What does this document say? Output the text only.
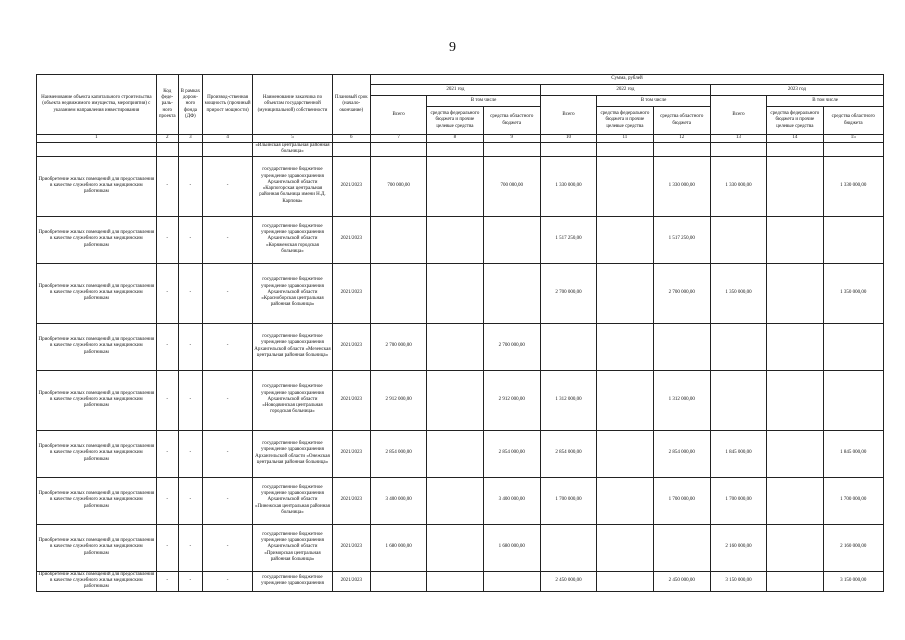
9
Наименование объекта капитального строительства (объекта недвижимого имущества, мероприятия) с указанием направления инвестирования	Код феде-раль-ного проекта	В рамках дорож-ного фонда (ДФ)	Производ-ственная мощность (прочиный прирост мощности)	Наименование заказчика по объектам государственной (муниципальной) собственности	Плановый срок (начало-окончание)	Сумма, рублей								
						2021 год			2022 год			2023 год		
						Всего	В том числе		Всего	В том числе		Всего	В том числе	
							средства федерального бюджета и прочие целевые средства	средства областного бюджета		средства федерального бюджета и прочие целевые средства	средства областного бюджета		средства федерального бюджета и прочие целевые средства	средства областного бюджета
1	2	3	4	5	6	7	8	9	10	11	12	13	14	15
				«Ильинская центральная районная больница»										
Приобретение жилых помещений для предоставления в качестве служебного жилья медицинским работникам	-	-	-	государственное бюджетное учреждение здравоохранения Архангельской области «Карпогорская центральная районная больница имени Н.Д. Карпова»	2021/2023	700 000,00		700 000,00	1 330 000,00		1 330 000,00	1 330 000,00		1 330 000,00
Приобретение жилых помещений для предоставления в качестве служебного жилья медицинским работникам	-	-	-	государственное бюджетное учреждение здравоохранения Архангельской области «Коряжемская городская больница»	2021/2023				1 517 250,00		1 517 250,00			
Приобретение жилых помещений для предоставления в качестве служебного жилья медицинским работникам	-	-	-	государственное бюджетное учреждение здравоохранения Архангельской области «Красноборская центральная районная больница»	2021/2023				2 700 000,00		2 700 000,00	1 350 000,00		1 350 000,00
Приобретение жилых помещений для предоставления в качестве служебного жилья медицинским работникам	-	-	-	государственное бюджетное учреждение здравоохранения Архангельской области «Мезенская центральная районная больница»	2021/2023	2 700 000,00		2 700 000,00						
Приобретение жилых помещений для предоставления в качестве служебного жилья медицинским работникам	-	-	-	государственное бюджетное учреждение здравоохранения Архангельской области «Новодвинская центральная городская больница»	2021/2023	2 912 000,00		2 912 000,00	1 312 000,00		1 312 000,00			
Приобретение жилых помещений для предоставления в качестве служебного жилья медицинским работникам	-	-	-	государственное бюджетное учреждение здравоохранения Архангельской области «Онежская центральная районная больница»	2021/2023	2 854 000,00		2 854 000,00	2 854 000,00		2 854 000,00	1 845 000,00		1 845 000,00
Приобретение жилых помещений для предоставления в качестве служебного жилья медицинским работникам	-	-	-	государственное бюджетное учреждение здравоохранения Архангельской области «Пинежская центральная районная больница»	2021/2023	3 400 000,00		3 400 000,00	1 700 000,00		1 700 000,00	1 700 000,00		1 700 000,00
Приобретение жилых помещений для предоставления в качестве служебного жилья медицинским работникам	-	-	-	государственное бюджетное учреждение здравоохранения Архангельской области «Приморская центральная районная больница»	2021/2023	1 680 000,00		1 680 000,00				2 160 000,00		2 160 000,00
Приобретение жилых помещений для предоставления в качестве служебного жилья медицинским работникам	-	-	-	государственное бюджетное учреждение здравоохранения	2021/2023				2 450 000,00		2 450 000,00	3 150 000,00		3 150 000,00
